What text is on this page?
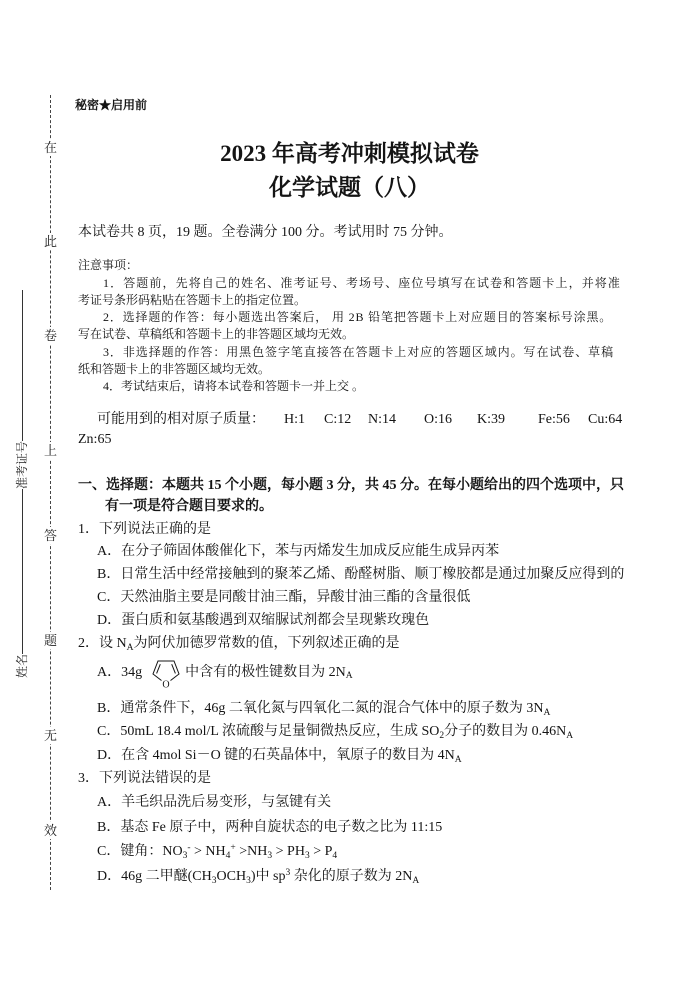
在
此
卷
上
答
题
无
效
姓名
准考证号
秘密★启用前
2023 年高考冲刺模拟试卷
化学试题（八）
本试卷共 8 页，19 题。全卷满分 100 分。考试用时 75 分钟。
注意事项：
1．答题前，先将自己的姓名、准考证号、考场号、座位号填写在试卷和答题卡上，并将准
考证号条形码粘贴在答题卡上的指定位置。
2．选择题的作答：每小题选出答案后， 用 2B 铅笔把答题卡上对应题目的答案标号涂黑。
写在试卷、草稿纸和答题卡上的非答题区域均无效。
3．非选择题的作答：用黑色签字笔直接答在答题卡上对应的答题区域内。写在试卷、草稿
纸和答题卡上的非答题区域均无效。
4．考试结束后，请将本试卷和答题卡一并上交 。
可能用到的相对原子质量： H:1 C:12 N:14 O:16 K:39 Fe:56 Cu:64
Zn:65
一、选择题：本题共 15 个小题，每小题 3 分，共 45 分。在每小题给出的四个选项中，只
有一项是符合题目要求的。
1．下列说法正确的是
A．在分子筛固体酸催化下，苯与丙烯发生加成反应能生成异丙苯
B．日常生活中经常接触到的聚苯乙烯、酚醛树脂、顺丁橡胶都是通过加聚反应得到的
C．天然油脂主要是同酸甘油三酯，异酸甘油三酯的含量很低
D．蛋白质和氨基酸遇到双缩脲试剂都会呈现紫玫瑰色
2．设 $N_A$为阿伏加德罗常数的值，下列叙述正确的是
A．34g
O
中含有的极性键数目为 $2N_A$
B．通常条件下，46g 二氧化氮与四氧化二氮的混合气体中的原子数为 $3N_A$
C．50mL 18.4 mol/L 浓硫酸与足量铜微热反应，生成 $SO_2$分子的数目为 $0.46N_A$
D．在含 4mol Si－O 键的石英晶体中，氧原子的数目为 $4N_A$
3．下列说法错误的是
A．羊毛织品洗后易变形，与氢键有关
B．基态 Fe 原子中，两种自旋状态的电子数之比为 11:15
C．键角：$NO_3^- > NH_4^+ >NH_3 > PH_3 > P_4$
D．46g 二甲醚$(CH_3OCH_3)$中 $sp^3$ 杂化的原子数为 $2N_A$
